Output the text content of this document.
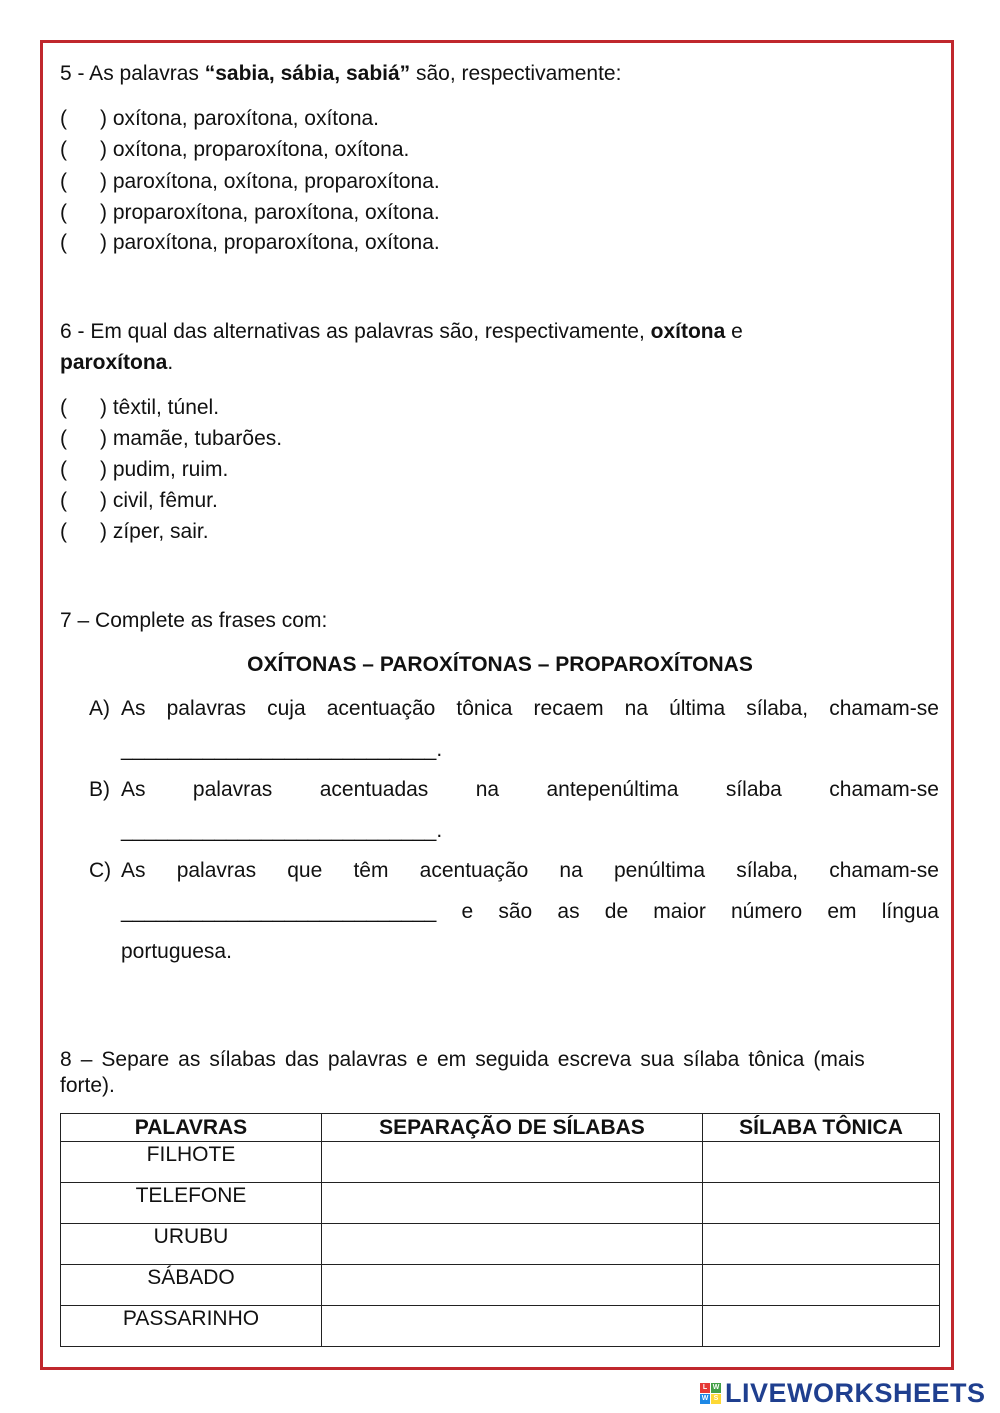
5 - As palavras “sabia, sábia, sabiá” são, respectivamente:
( ) oxítona, paroxítona, oxítona.
( ) oxítona, proparoxítona, oxítona.
( ) paroxítona, oxítona, proparoxítona.
( ) proparoxítona, paroxítona, oxítona.
( ) paroxítona, proparoxítona, oxítona.
6 - Em qual das alternativas as palavras são, respectivamente, oxítona e
paroxítona.
( ) têxtil, túnel.
( ) mamãe, tubarões.
( ) pudim, ruim.
( ) civil, fêmur.
( ) zíper, sair.
7 – Complete as frases com:
OXÍTONAS – PAROXÍTONAS – PROPAROXÍTONAS
A) As palavras cuja acentuação tônica recaem na última sílaba, chamam-se
___________________________.
B) As palavras acentuadas na antepenúltima sílaba chamam-se
___________________________.
C) As palavras que têm acentuação na penúltima sílaba, chamam-se
___________________________ e são as de maior número em língua
portuguesa.
8 – Separe as sílabas das palavras e em seguida escreva sua sílaba tônica (mais
forte).
PALAVRAS	SEPARAÇÃO DE SÍLABAS	SÍLABA TÔNICA
FILHOTE		
TELEFONE		
URUBU		
SÁBADO		
PASSARINHO		
L W
W S LIVEWORKSHEETS
